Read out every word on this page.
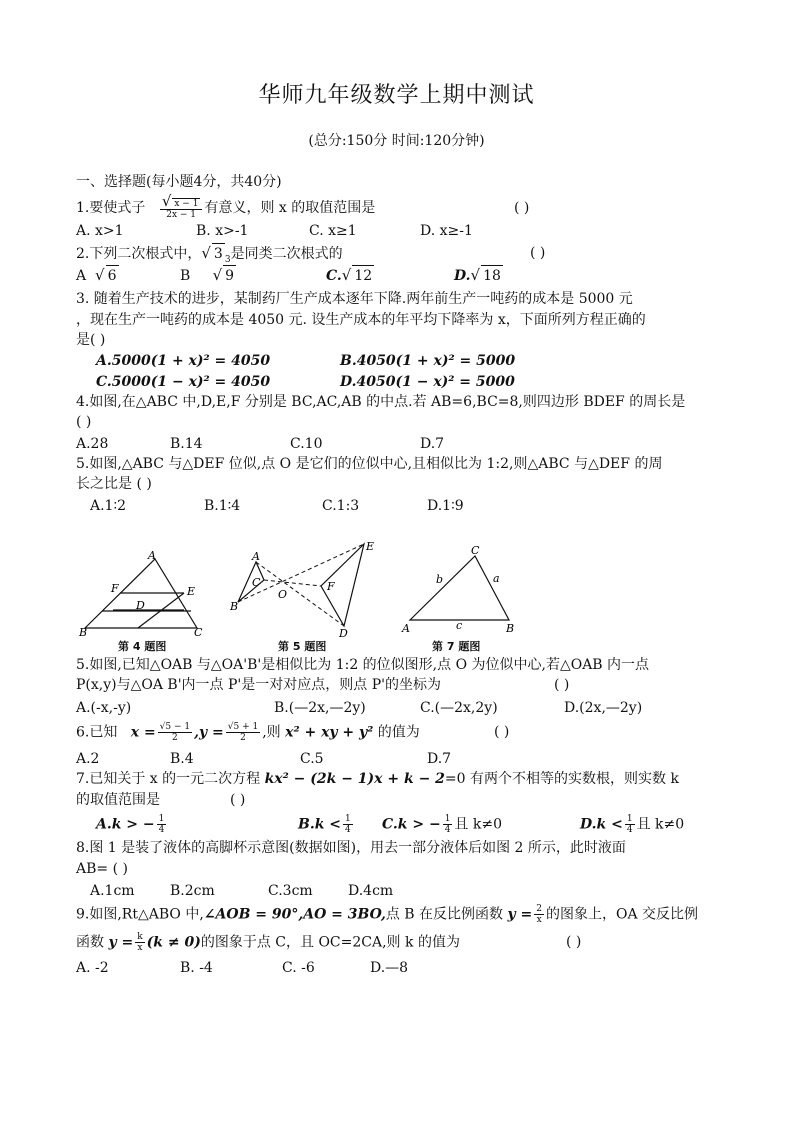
华师九年级数学上期中测试
(总分:150分 时间:120分钟)
一、选择题(每小题4分，共40分)
1.要使式子 $\frac{√ x - 1}{2x - 1}$ 有意义，则 x 的取值范围是	( )
A. x>1	B. x>-1	C. x≥1	D. x≥-1
2.下列二次根式中，√ 3 $_3$是同类二次根式的	( )
A √ 6	B √ 9	C.√ 12	D.√ 18
3. 随着生产技术的进步，某制药厂生产成本逐年下降.两年前生产一吨药的成本是 5000 元
，现在生产一吨药的成本是 4050 元. 设生产成本的年平均下降率为 x，下面所列方程正确的
是( )
A.5000(1 + x)² = 4050	B.4050(1 + x)² = 5000
C.5000(1 − x)² = 4050	D.4050(1 − x)² = 5000
4.如图,在△ABC 中,D,E,F 分别是 BC,AC,AB 的中点.若 AB=6,BC=8,则四边形 BDEF 的周长是
( )
A.28	B.14	C.10	D.7
5.如图,△ABC 与△DEF 位似,点 O 是它们的位似中心,且相似比为 1:2,则△ABC 与△DEF 的周
长之比是 ( )
A.1∶2	B.1∶4	C.1:3	D.1∶9
A
F	E
B
D
C
第 4 题图
A
C
B
O
F
E
D
第 5 题图
C
b	a
A	c	B
第 7 题图
5.如图,已知△OAB 与△OA'B'是相似比为 1:2 的位似图形,点 O 为位似中心,若△OAB 内一点
P(x,y)与△OA B'内一点 P'是一对对应点，则点 P'的坐标为	( )
A.(-x,-y)	B.(—2x,—2y)	C.(—2x,2y)	D.(2x,—2y)
6.已知 $x = \frac{√5 - 1}{2} ,y = \frac{√5 + 1}{2}$ ,则 x² + xy + y² 的值为	( )
A.2	B.4	C.5	D.7
7.已知关于 x 的一元二次方程 kx² − (2k − 1)x + k − 2=0 有两个不相等的实数根，则实数 k
的取值范围是	( )
A.k > − $\frac{1}{4}$	$B.k < \frac{1}{4} C.k$ > − $\frac{1}{4}$ 且 k≠0	$D.k < \frac{1}{4}$ 且 k≠0
8.图 1 是装了液体的高脚杯示意图(数据如图)，用去一部分液体后如图 2 所示，此时液面
AB= ( )
A.1cm	B.2cm	C.3cm	D.4cm
9.如图,Rt△ABO 中,∠AOB = 90°,AO = 3BO,点 B 在反比例函数 $y = \frac{2}{x}$ 的图象上，OA 交反比例
函数 $y = \frac{k}{x} (k \ne 0)$的图象于点 C，且 OC=2CA,则 k 的值为	( )
A. -2	B. -4	C. -6	D.—8
